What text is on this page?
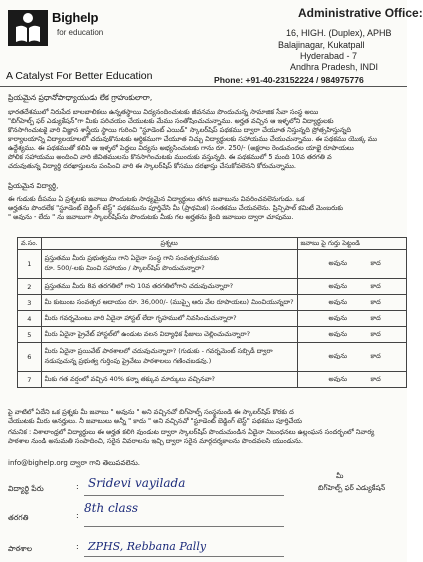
Bighelp
for education
A Catalyst For Better Education
Administrative Office:
16, HIGH. (Duplex), APHB
Balajinagar, Kukatpall
Hyderabad - 7
Andhra Pradesh, INDI
Phone: +91-40-23152224 / 984975776
ప్రియమైన ప్రధానోపాధ్యాయుడు లేక గ్రాహుకులారా,
భారతదేశములో నిరుపేద బాలబాలికలు ఉన్నతస్థాయి విద్యనందించుటకు జీవనము పొందుచున్న సామాజిక సేవా సంస్థ అయి
"బిగ్‌హెల్ప్ ఫర్ ఎడ్యుకేషన్"గా మీకు పరిచయం చేయుటకు మేము సంతోషించుచున్నాము. అర్హత వచ్చిన ఆ ఇళ్ళలోని విద్యార్థులకు
కొనసాగించుటకై వారి విజ్ఞాన శాస్త్రీయ స్థాయి గురించి "స్టూడెంట్ ఎయిడ్" స్కాలర్‌షిప్ పథకము ద్వారా చేయూత నిస్తున్నది ప్రోత్సహిస్తున్నది
కార్యాలయాన్ని విద్యాలయాలలో చదువుకొనుటకు ఆర్థికముగా చేయూత నిచ్చు విద్యార్థులకు సహాయము చేయుచున్నాము. ఈ పథకము యొక్క ము
ఉద్దేశ్యము. ఈ పథకముతో కలిపి ఆ ఇళ్ళలో పెద్దలు విద్యను అభ్యసించుటకు గాను రూ. 250/- (అక్షరాల రెండువందల యాభై రూపాయలు
పోలిక సహాయము అందించి వారి జీవితములను కొనసాగించుటకు ముందుకు వస్తున్నది. ఈ పథకములో 5 మంది 10వ తరగతి వ
చదువుతున్న విద్యార్థి దరఖాస్తులను పంపించి వారి ఈ స్కాలర్‌షిప్ కోసము దరఖాస్తు చేసుకోవలెనని కోరుచున్నాము.
ప్రియమైన విద్యార్థి,
ఈ గుడుకు దీపము ఏ ప్రశ్నలకు జవాబు పొందుటకు సాధ్యమైన విద్యార్థులు తగిన జవాబును వివరించవలెనుగుడు. ఒక
అర్హతను పొందలేక "స్టూడెంట్ బెడ్డింగ్ టెస్ట్" పథకమును పూర్తిచేసి మీ (ప్రాథమిక) సంతకము చేయవలెను. ప్రిన్సిపాల్ కమిటీ మెంబరుకు
" అవును - లేదు " ను జవాబుగా స్కాలర్‌షిప్‌ను పొందుటకు మీకు గల అర్హతను క్రింది జవాబుల ద్వారా చూపుము.
వ.సం.	ప్రశ్నలు	జవాబు పై గుర్తు పెట్టండి
1	ప్రస్తుతము మీరు ప్రభుత్వము గాని ఏదైనా సంస్థ గాని సంవత్సరమునకు
రూ. 500/-లకు మించి సహాయం / స్కాలర్‌షిప్ పొందుచున్నారా?	అవును కాద
2	ప్రస్తుతము మీరు 8వ తరగతిలో గాని 10వ తరగతిలోగాని చదువుచున్నారా?	అవును కాద
3	మీ కుటుంబ సంవత్సర ఆదాయం రూ. 36,000/- (ముప్పై ఆరు వేల రూపాయలు) మించియున్నదా?	అవును కాద
4	మీరు గవర్నమెంటు వారి ఏదైనా హాస్టల్ లేదా గృహములో నివసించుచున్నారా?	అవును కాద
5	మీరు ఏదైనా ప్రైవేట్ హాస్టల్‌లో ఉండుట వలన విద్యాధిక ఫీజులు చెల్లించుచున్నారా?	అవును కాద
6	మీరు ఏదైనా ప్రయివేట్ పాఠశాలలో చదువుచున్నారా? (గుడుకు - గవర్నమెంట్ సబ్సిడీ ద్వారా
నడుపుచున్న ప్రభుత్వ గుర్తింపు ప్రైవేటు పాఠశాలలు గణించబడవు.)	అవును కాద
7	మీకు గత వర్షంలో వచ్చిన 40% కన్నా తక్కువ మార్కులు వచ్చినవా?	అవును కాద
పై వాటిలో ఏదేని ఒక ప్రశ్నకు మీ జవాబు " అవును " అని వచ్చినచో బిగ్‌హెల్ప్ సంస్థనుండి ఈ స్కాలర్‌షిప్ కొరకు ద
చేయుటకు మీరు అనర్హులు. నీ జవాబులు అన్నీ " కాదు " అని వచ్చినచో "స్టూడెంట్ బెడ్డింగ్ టెస్ట్" పథకము పూర్తిచేయ
గమనిక : విశాలాంధ్రలో విద్యార్థులు ఈ అర్హత కలిగి వుండుట ద్వారా స్కాలర్‌షిప్ పొందుచుండిన ఏదైనా నిబంధనలు ఉల్లంఘన సందర్భంలో నివార్య
పాఠశాల నుండి అనుమతి సంపాదించి, సరైన వివరాలను ఇచ్చి ద్వారా సరైన మార్గదర్శకాలను పొందవలసి యుండును.
info@bighelp.org ద్వారా గాని తెలుపవలెను.
మీ
బిగ్‌హెల్ప్ ఫర్ ఎడ్యుకేషన్
విద్యార్థి పేరు	: Sridevi vayilada
తరగతి	:
8th class
పాఠశాల	: ZPHS, Rebbana Pally
